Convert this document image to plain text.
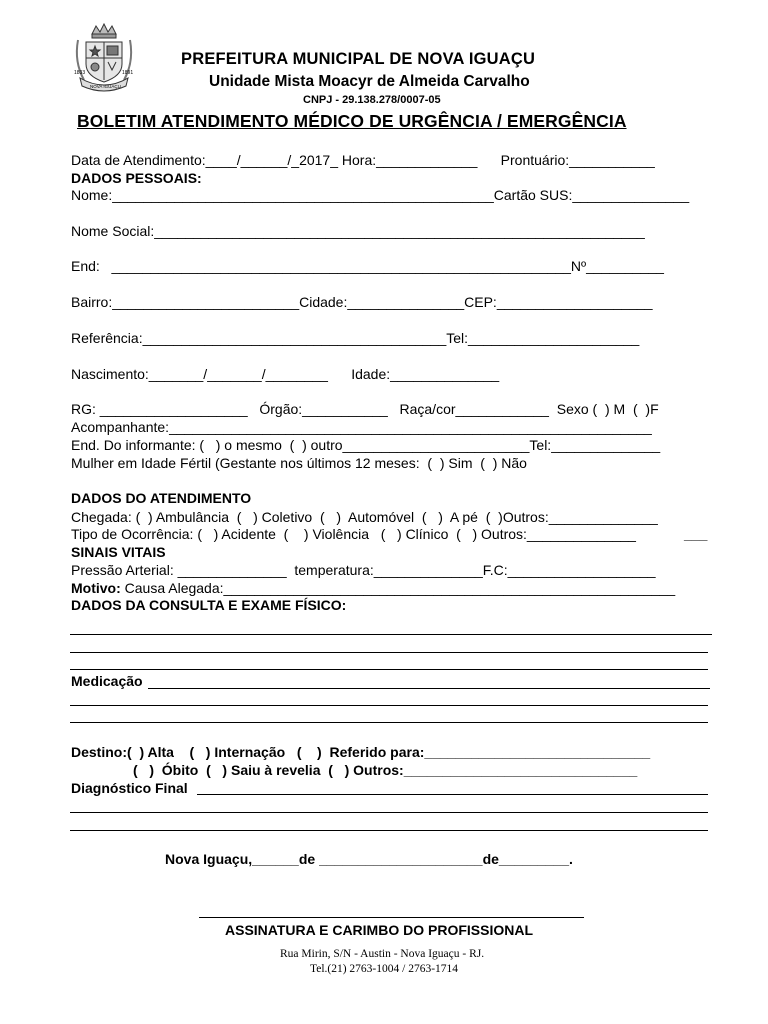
1833	1891
NOVA IGUAÇU
PREFEITURA MUNICIPAL DE NOVA IGUAÇU
Unidade Mista Moacyr de Almeida Carvalho
CNPJ - 29.138.278/0007-05
BOLETIM ATENDIMENTO MÉDICO DE URGÊNCIA / EMERGÊNCIA
Data de Atendimento:____/______/_2017_ Hora:_____________      Prontuário:___________
DADOS PESSOAIS:
Nome:_________________________________________________Cartão SUS:_______________
Nome Social:_______________________________________________________________
End:   ___________________________________________________________Nº__________
Bairro:________________________Cidade:_______________CEP:____________________
Referência:_______________________________________Tel:______________________
Nascimento:_______/_______/________      Idade:______________
RG: ___________________   Órgão:___________   Raça/cor____________  Sexo (  ) M  (  )F
Acompanhante:______________________________________________________________
End. Do informante: (   ) o mesmo  (  ) outro________________________Tel:______________
Mulher em Idade Fértil (Gestante nos últimos 12 meses:  (  ) Sim  (  ) Não
DADOS DO ATENDIMENTO
Chegada: (  ) Ambulância  (   ) Coletivo  (   )  Automóvel  (   )  A pé  (  )Outros:______________
Tipo de Ocorrência: (   ) Acidente  (    ) Violência   (   ) Clínico  (   ) Outros:______________	___
SINAIS VITAIS
Pressão Arterial: ______________  temperatura:______________F.C:___________________
Motivo: Causa Alegada:__________________________________________________________
DADOS DA CONSULTA E EXAME FÍSICO:
Medicação
Destino:(  ) Alta    (   ) Internação   (    )  Referido para:_____________________________
(   )  Óbito  (   ) Saiu à revelia  (   ) Outros:______________________________
Diagnóstico Final
Nova Iguaçu,______de _____________________de_________.
ASSINATURA E CARIMBO DO PROFISSIONAL
Rua Mirin, S/N - Austin - Nova Iguaçu - RJ.
Tel.(21) 2763-1004 / 2763-1714
